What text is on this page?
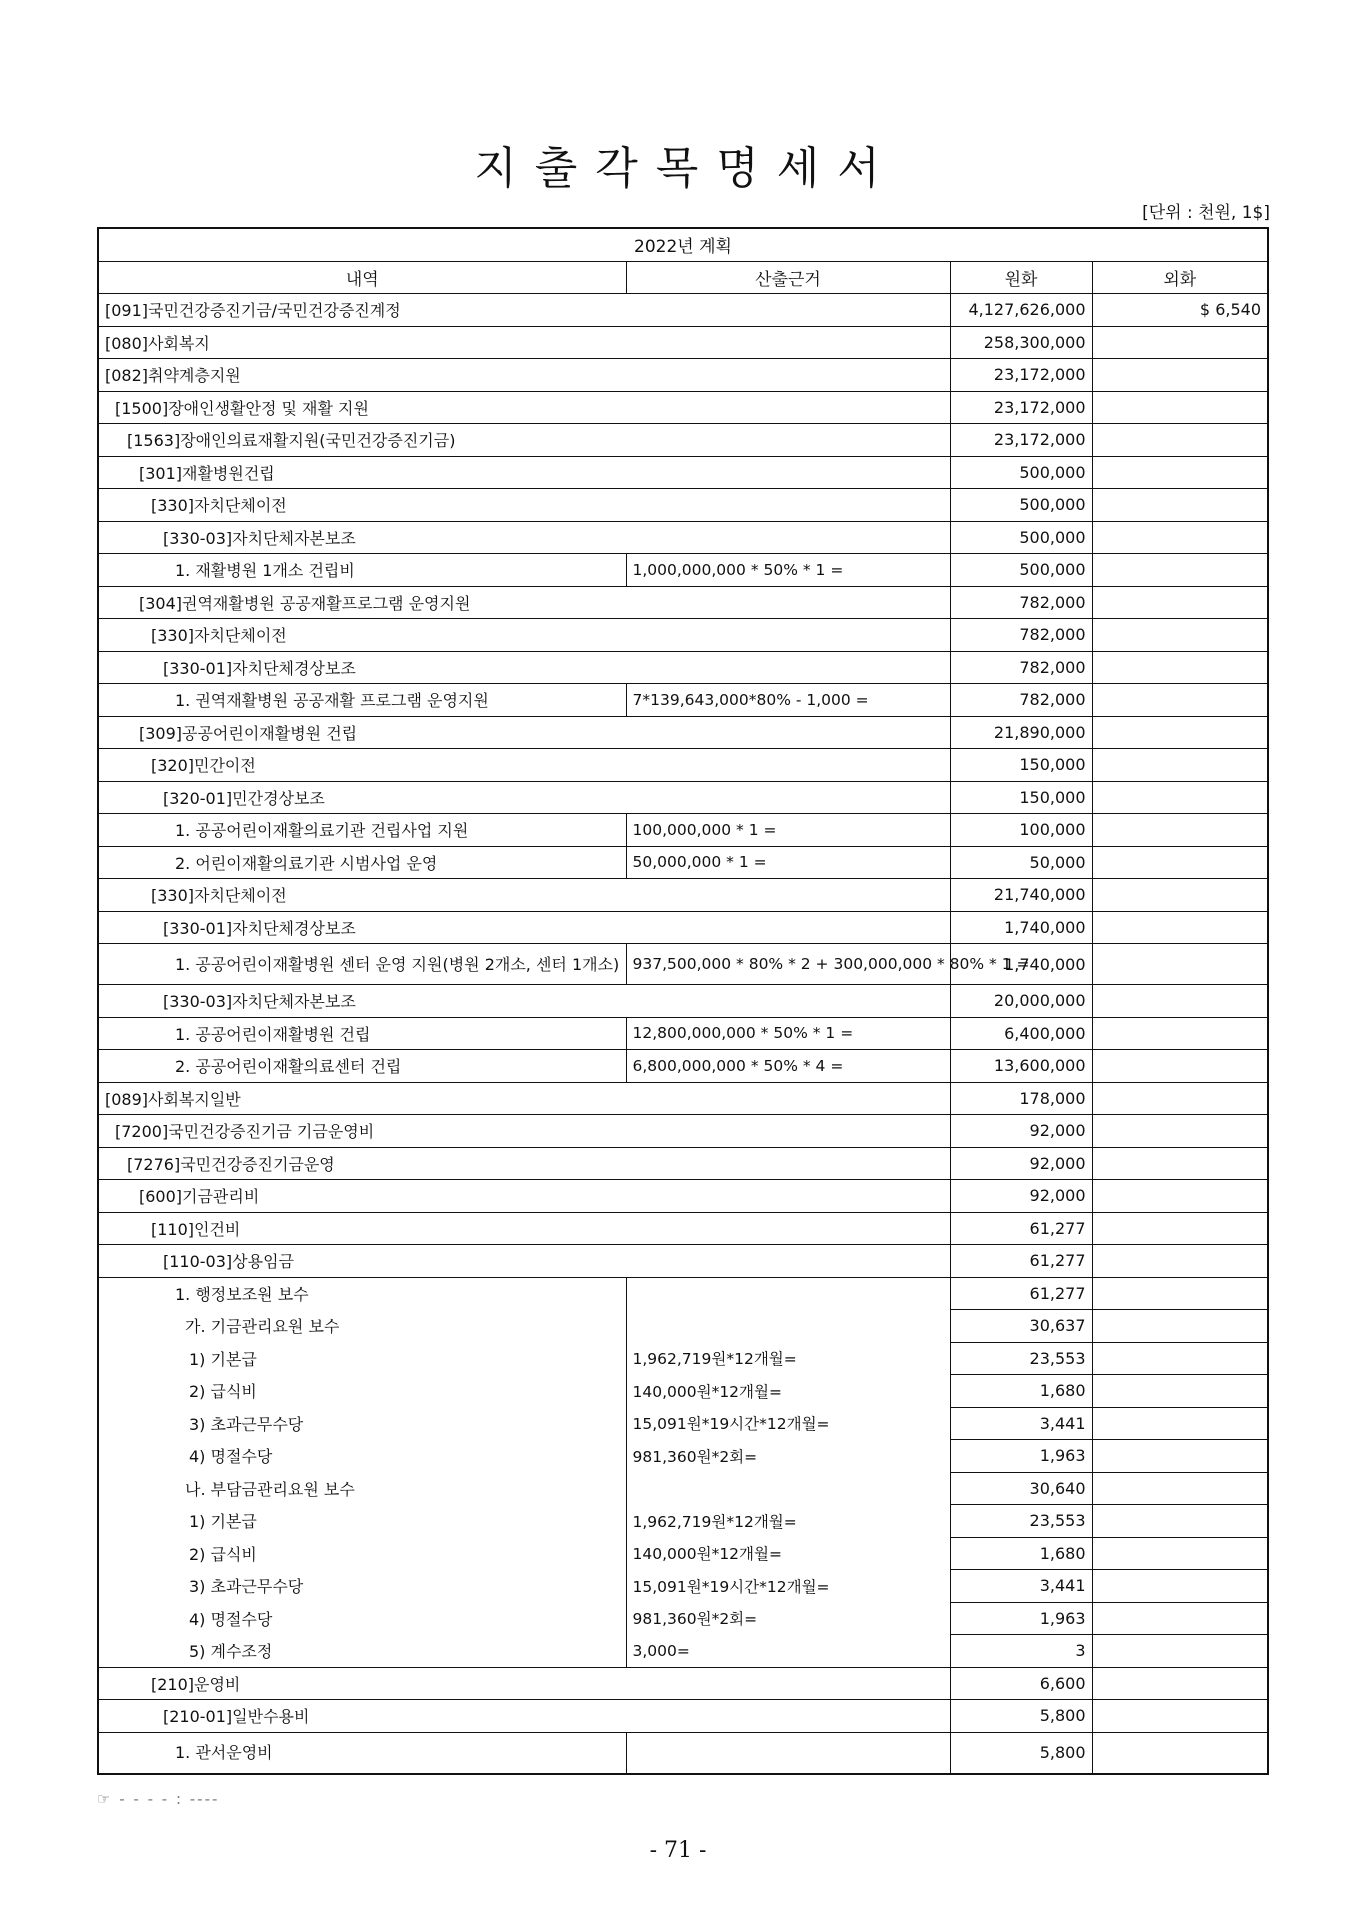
지 출 각 목 명 세 서
[단위 : 천원, 1$]
2022년 계획			
내역	산출근거	원화	외화
[091]국민건강증진기금/국민건강증진계정		4,127,626,000	$ 6,540
[080]사회복지		258,300,000	
[082]취약계층지원		23,172,000	
[1500]장애인생활안정 및 재활 지원		23,172,000	
[1563]장애인의료재활지원(국민건강증진기금)		23,172,000	
[301]재활병원건립		500,000	
[330]자치단체이전		500,000	
[330-03]자치단체자본보조		500,000	
1. 재활병원 1개소 건립비	1,000,000,000 * 50% * 1 =	500,000	
[304]권역재활병원 공공재활프로그램 운영지원		782,000	
[330]자치단체이전		782,000	
[330-01]자치단체경상보조		782,000	
1. 권역재활병원 공공재활 프로그램 운영지원	7*139,643,000*80% - 1,000 =	782,000	
[309]공공어린이재활병원 건립		21,890,000	
[320]민간이전		150,000	
[320-01]민간경상보조		150,000	
1. 공공어린이재활의료기관 건립사업 지원	100,000,000 * 1 =	100,000	
2. 어린이재활의료기관 시범사업 운영	50,000,000 * 1 =	50,000	
[330]자치단체이전		21,740,000	
[330-01]자치단체경상보조		1,740,000	
1. 공공어린이재활병원 센터 운영 지원(병원 2개소, 센터 1개소)	937,500,000 * 80% * 2 + 300,000,000 * 80% * 1 =	1,740,000	
[330-03]자치단체자본보조		20,000,000	
1. 공공어린이재활병원 건립	12,800,000,000 * 50% * 1 =	6,400,000	
2. 공공어린이재활의료센터 건립	6,800,000,000 * 50% * 4 =	13,600,000	
[089]사회복지일반		178,000	
[7200]국민건강증진기금 기금운영비		92,000	
[7276]국민건강증진기금운영		92,000	
[600]기금관리비		92,000	
[110]인건비		61,277	
[110-03]상용임금		61,277	
1. 행정보조원 보수		61,277	
가. 기금관리요원 보수		30,637	
1) 기본급	1,962,719원*12개월=	23,553	
2) 급식비	140,000원*12개월=	1,680	
3) 초과근무수당	15,091원*19시간*12개월=	3,441	
4) 명절수당	981,360원*2회=	1,963	
나. 부담금관리요원 보수		30,640	
1) 기본급	1,962,719원*12개월=	23,553	
2) 급식비	140,000원*12개월=	1,680	
3) 초과근무수당	15,091원*19시간*12개월=	3,441	
4) 명절수당	981,360원*2회=	1,963	
5) 계수조정	3,000=	3	
[210]운영비		6,600	
[210-01]일반수용비		5,800	
1. 관서운영비		5,800	
☞ - - - - : ----
- 71 -
